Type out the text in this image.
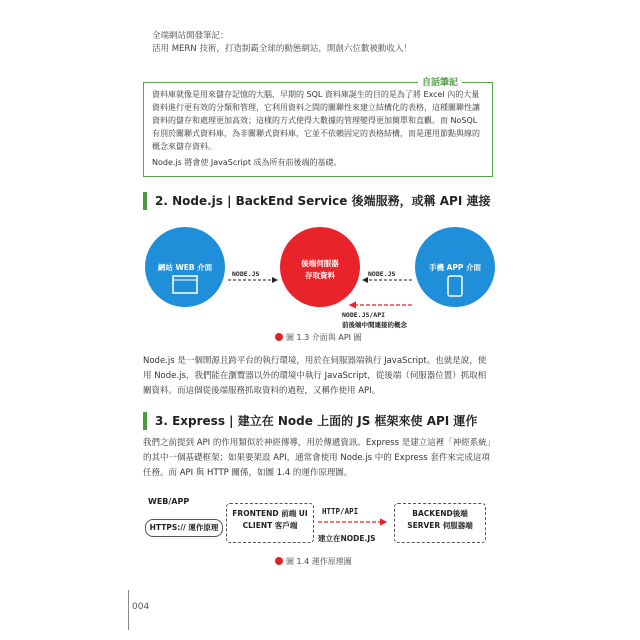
全端網站開發筆記：
活用 MERN 技術，打造制霸全球的動態網站，開創六位數被動收入！
自話筆記
資料庫就像是用來儲存記憶的大腦，早期的 SQL 資料庫誕生的目的是為了將 Excel 內的大量資料進行更有效的分類和管理，它利用資料之間的關聯性來建立結構化的表格，這種關聯性讓資料的儲存和處理更加高效；這樣的方式使得大數據的管理變得更加簡單和直觀。而 NoSQL 有別於關聯式資料庫，為非關聯式資料庫，它並不依賴固定的表格結構，而是運用節點與線的概念來儲存資料。
Node.js 將會使 JavaScript 成為所有前後端的基礎。
2. Node.js | BackEnd Service 後端服務，或稱 API 連接
網站 WEB 介面	後端伺服器
存取資料
手機 APP 介面
NODE.JS	NODE.JS
NODE.JS/API
前後端中間連接的概念
圖 1.3 介面與 API 圖
Node.js 是一個開源且跨平台的執行環境，用於在伺服器端執行 JavaScript。也就是說，使用 Node.js，我們能在瀏覽器以外的環境中執行 JavaScript，從後端（伺服器位置）抓取相關資料。而這個從後端服務抓取資料的過程，又稱作使用 API。
3. Express | 建立在 Node 上面的 JS 框架來使 API 運作
我們之前提到 API 的作用類似於神經傳導，用於傳遞資訊。Express 是建立這裡「神經系統」的其中一個基礎框架；如果要架設 API，通常會使用 Node.js 中的 Express 套件來完成這項任務。而 API 與 HTTP 關係，如圖 1.4 的運作原理圖。
WEB/APP
HTTPS:// 運作原理
FRONTEND 前端 UI
CLIENT 客戶端
HTTP/API
建立在NODE.JS
BACKEND後端
SERVER 伺服器端
圖 1.4 運作原理圖
004
